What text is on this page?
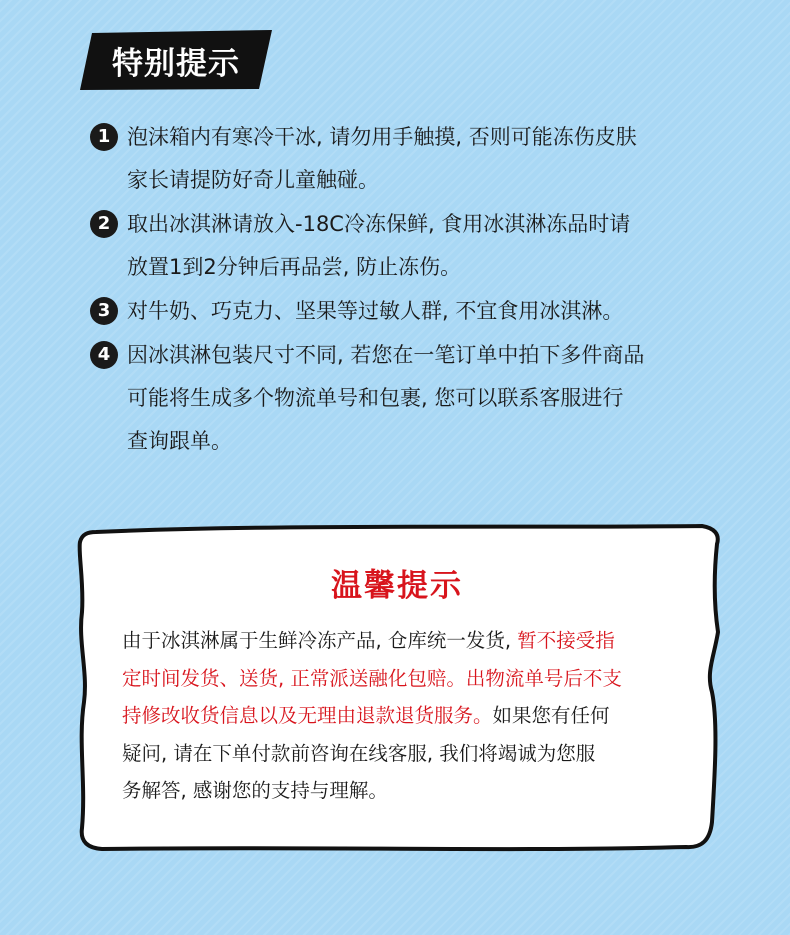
特别提示
1 泡沫箱内有寒冷干冰, 请勿用手触摸, 否则可能冻伤皮肤
家长请提防好奇儿童触碰。
2 取出冰淇淋请放入-18C冷冻保鲜, 食用冰淇淋冻品时请
放置1到2分钟后再品尝, 防止冻伤。
3 对牛奶、巧克力、坚果等过敏人群, 不宜食用冰淇淋。
4 因冰淇淋包装尺寸不同, 若您在一笔订单中拍下多件商品
可能将生成多个物流单号和包裹, 您可以联系客服进行
查询跟单。
温馨提示
由于冰淇淋属于生鲜冷冻产品, 仓库统一发货, 暂不接受指
定时间发货、送货, 正常派送融化包赔。出物流单号后不支
持修改收货信息以及无理由退款退货服务。如果您有任何
疑问, 请在下单付款前咨询在线客服, 我们将竭诚为您服
务解答, 感谢您的支持与理解。
